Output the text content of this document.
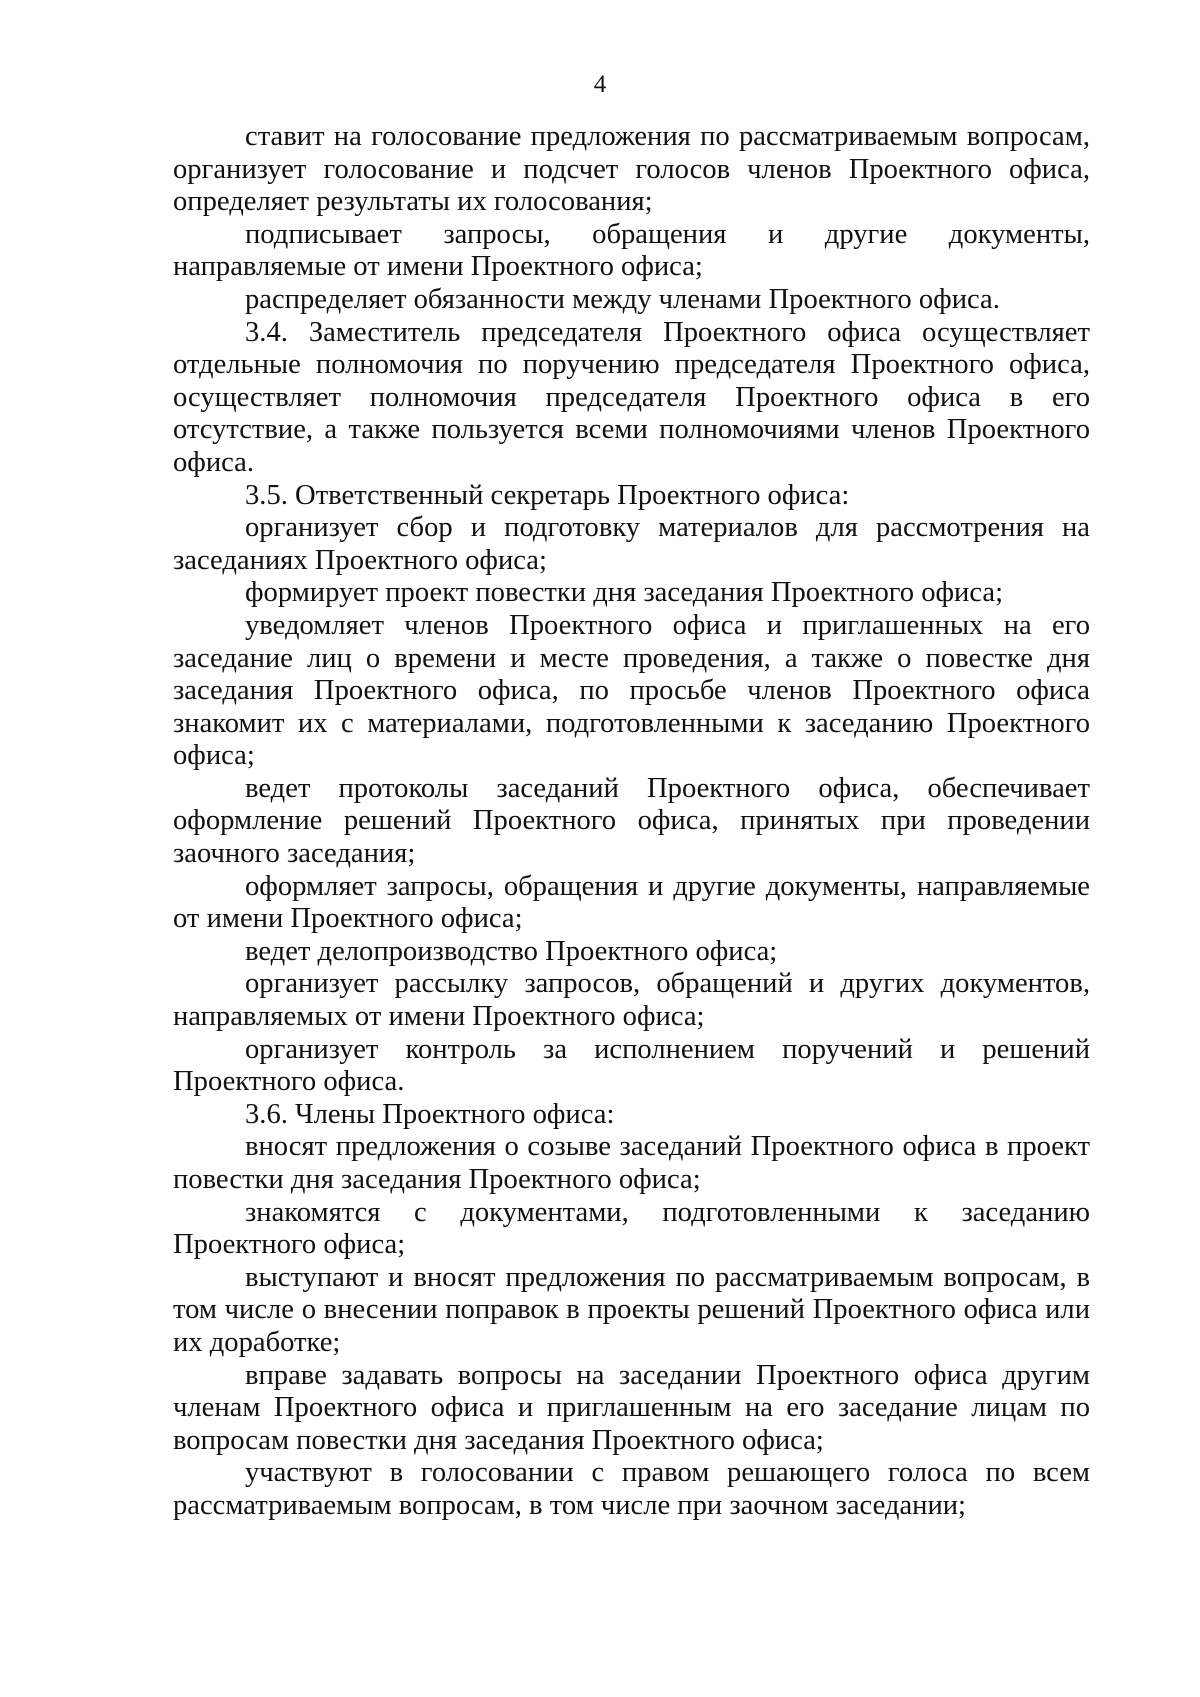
4

ставит на голосование предложения по рассматриваемым вопросам, организует голосование и подсчет голосов членов Проектного офиса, определяет результаты их голосования;

подписывает запросы, обращения и другие документы, направляемые от имени Проектного офиса;

распределяет обязанности между членами Проектного офиса.

3.4. Заместитель председателя Проектного офиса осуществляет отдельные полномочия по поручению председателя Проектного офиса, осуществляет полномочия председателя Проектного офиса в его отсутствие, а также пользуется всеми полномочиями членов Проектного офиса.

3.5. Ответственный секретарь Проектного офиса:

организует сбор и подготовку материалов для рассмотрения на заседаниях Проектного офиса;

формирует проект повестки дня заседания Проектного офиса;

уведомляет членов Проектного офиса и приглашенных на его заседание лиц о времени и месте проведения, а также о повестке дня заседания Проектного офиса, по просьбе членов Проектного офиса знакомит их с материалами, подготовленными к заседанию Проектного офиса;

ведет протоколы заседаний Проектного офиса, обеспечивает оформление решений Проектного офиса, принятых при проведении заочного заседания;

оформляет запросы, обращения и другие документы, направляемые от имени Проектного офиса;

ведет делопроизводство Проектного офиса;

организует рассылку запросов, обращений и других документов, направляемых от имени Проектного офиса;

организует контроль за исполнением поручений и решений Проектного офиса.

3.6. Члены Проектного офиса:

вносят предложения о созыве заседаний Проектного офиса в проект повестки дня заседания Проектного офиса;

знакомятся с документами, подготовленными к заседанию Проектного офиса;

выступают и вносят предложения по рассматриваемым вопросам, в том числе о внесении поправок в проекты решений Проектного офиса или их доработке;

вправе задавать вопросы на заседании Проектного офиса другим членам Проектного офиса и приглашенным на его заседание лицам по вопросам повестки дня заседания Проектного офиса;

участвуют в голосовании с правом решающего голоса по всем рассматриваемым вопросам, в том числе при заочном заседании;
